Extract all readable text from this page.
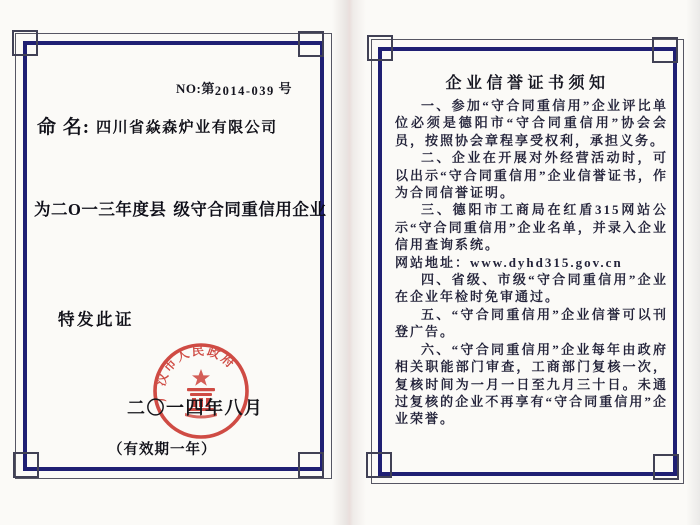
NO:第2014-039 号
命 名: 四川省焱森炉业有限公司
为二O一三年度县 级守合同重信用企业
特发此证
广汉市人民政府
二〇一四年八月
（有效期一年）
企业信誉证书须知

一、参加“守合同重信用”企业评比单位必须是德阳市“守合同重信用”协会会员，按照协会章程享受权利，承担义务。

二、企业在开展对外经营活动时，可以出示“守合同重信用”企业信誉证书，作为合同信誉证明。

三、德阳市工商局在红盾315网站公示“守合同重信用”企业名单，并录入企业信用查询系统。

网站地址：www.dyhd315.gov.cn

四、省级、市级“守合同重信用”企业在企业年检时免审通过。

五、“守合同重信用”企业信誉可以刊登广告。

六、“守合同重信用”企业每年由政府相关职能部门审查，工商部门复核一次，复核时间为一月一日至九月三十日。未通过复核的企业不再享有“守合同重信用”企业荣誉。
